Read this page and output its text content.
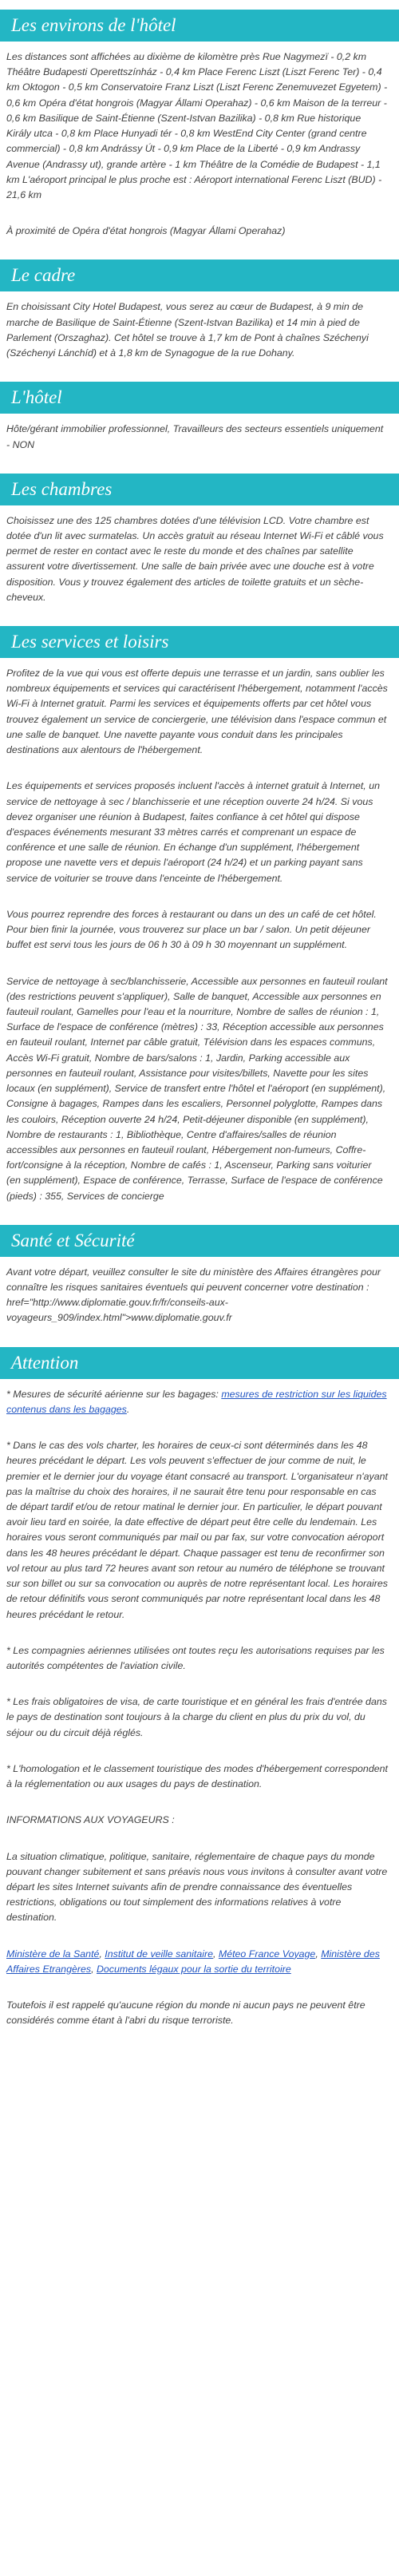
Les environs de l'hôtel

Les distances sont affichées au dixième de kilomètre près Rue Nagymezï - 0,2 km Théâtre Budapesti Operettszínház - 0,4 km Place Ferenc Liszt (Liszt Ferenc Ter) - 0,4 km Oktogon - 0,5 km Conservatoire Franz Liszt (Liszt Ferenc Zenemuvezet Egyetem) - 0,6 km Opéra d'état hongrois (Magyar Állami Operahaz) - 0,6 km Maison de la terreur - 0,6 km Basilique de Saint-Étienne (Szent-Istvan Bazilika) - 0,8 km Rue historique Király utca - 0,8 km Place Hunyadi tér - 0,8 km WestEnd City Center (grand centre commercial) - 0,8 km Andrássy Út - 0,9 km Place de la Liberté - 0,9 km Andrassy Avenue (Andrassy ut), grande artère - 1 km Théâtre de la Comédie de Budapest - 1,1 km L'aéroport principal le plus proche est : Aéroport international Ferenc Liszt (BUD) - 21,6 km

À proximité de Opéra d'état hongrois (Magyar Állami Operahaz)

Le cadre

En choisissant City Hotel Budapest, vous serez au cœur de Budapest, à 9 min de marche de Basilique de Saint-Étienne (Szent-Istvan Bazilika) et 14 min à pied de Parlement (Orszaghaz). Cet hôtel se trouve à 1,7 km de Pont à chaînes Széchenyi (Széchenyi Lánchíd) et à 1,8 km de Synagogue de la rue Dohany.

L'hôtel

Hôte/gérant immobilier professionnel, Travailleurs des secteurs essentiels uniquement - NON

Les chambres

Choisissez une des 125 chambres dotées d'une télévision LCD. Votre chambre est dotée d'un lit avec surmatelas. Un accès gratuit au réseau Internet Wi-Fi et câblé vous permet de rester en contact avec le reste du monde et des chaînes par satellite assurent votre divertissement. Une salle de bain privée avec une douche est à votre disposition. Vous y trouvez également des articles de toilette gratuits et un sèche-cheveux.

Les services et loisirs

Profitez de la vue qui vous est offerte depuis une terrasse et un jardin, sans oublier les nombreux équipements et services qui caractérisent l'hébergement, notamment l'accès Wi-Fi à Internet gratuit. Parmi les services et équipements offerts par cet hôtel vous trouvez également un service de conciergerie, une télévision dans l'espace commun et une salle de banquet. Une navette payante vous conduit dans les principales destinations aux alentours de l'hébergement.

Les équipements et services proposés incluent l'accès à internet gratuit à Internet, un service de nettoyage à sec / blanchisserie et une réception ouverte 24 h/24. Si vous devez organiser une réunion à Budapest, faites confiance à cet hôtel qui dispose d'espaces événements mesurant 33 mètres carrés et comprenant un espace de conférence et une salle de réunion. En échange d'un supplément, l'hébergement propose une navette vers et depuis l'aéroport (24 h/24) et un parking payant sans service de voiturier se trouve dans l'enceinte de l'hébergement.

Vous pourrez reprendre des forces à restaurant ou dans un des un café de cet hôtel. Pour bien finir la journée, vous trouverez sur place un bar / salon. Un petit déjeuner buffet est servi tous les jours de 06 h 30 à 09 h 30 moyennant un supplément.

Service de nettoyage à sec/blanchisserie, Accessible aux personnes en fauteuil roulant (des restrictions peuvent s'appliquer), Salle de banquet, Accessible aux personnes en fauteuil roulant, Gamelles pour l'eau et la nourriture, Nombre de salles de réunion : 1, Surface de l'espace de conférence (mètres) : 33, Réception accessible aux personnes en fauteuil roulant, Internet par câble gratuit, Télévision dans les espaces communs, Accès Wi-Fi gratuit, Nombre de bars/salons : 1, Jardin, Parking accessible aux personnes en fauteuil roulant, Assistance pour visites/billets, Navette pour les sites locaux (en supplément), Service de transfert entre l'hôtel et l'aéroport (en supplément), Consigne à bagages, Rampes dans les escaliers, Personnel polyglotte, Rampes dans les couloirs, Réception ouverte 24 h/24, Petit-déjeuner disponible (en supplément), Nombre de restaurants : 1, Bibliothèque, Centre d'affaires/salles de réunion accessibles aux personnes en fauteuil roulant, Hébergement non-fumeurs, Coffre-fort/consigne à la réception, Nombre de cafés : 1, Ascenseur, Parking sans voiturier (en supplément), Espace de conférence, Terrasse, Surface de l'espace de conférence (pieds) : 355, Services de concierge

Santé et Sécurité

Avant votre départ, veuillez consulter le site du ministère des Affaires étrangères pour connaître les risques sanitaires éventuels qui peuvent concerner votre destination : href="http://www.diplomatie.gouv.fr/fr/conseils-aux-voyageurs_909/index.html">www.diplomatie.gouv.fr

Attention

* Mesures de sécurité aérienne sur les bagages: mesures de restriction sur les liquides contenus dans les bagages.

* Dans le cas des vols charter, les horaires de ceux-ci sont déterminés dans les 48 heures précédant le départ. Les vols peuvent s'effectuer de jour comme de nuit, le premier et le dernier jour du voyage étant consacré au transport. L'organisateur n'ayant pas la maîtrise du choix des horaires, il ne saurait être tenu pour responsable en cas de départ tardif et/ou de retour matinal le dernier jour. En particulier, le départ pouvant avoir lieu tard en soirée, la date effective de départ peut être celle du lendemain. Les horaires vous seront communiqués par mail ou par fax, sur votre convocation aéroport dans les 48 heures précédant le départ. Chaque passager est tenu de reconfirmer son vol retour au plus tard 72 heures avant son retour au numéro de téléphone se trouvant sur son billet ou sur sa convocation ou auprès de notre représentant local. Les horaires de retour définitifs vous seront communiqués par notre représentant local dans les 48 heures précédant le retour.

* Les compagnies aériennes utilisées ont toutes reçu les autorisations requises par les autorités compétentes de l'aviation civile.

* Les frais obligatoires de visa, de carte touristique et en général les frais d'entrée dans le pays de destination sont toujours à la charge du client en plus du prix du vol, du séjour ou du circuit déjà réglés.

* L'homologation et le classement touristique des modes d'hébergement correspondent à la réglementation ou aux usages du pays de destination.

INFORMATIONS AUX VOYAGEURS :

La situation climatique, politique, sanitaire, réglementaire de chaque pays du monde pouvant changer subitement et sans préavis nous vous invitons à consulter avant votre départ les sites Internet suivants afin de prendre connaissance des éventuelles restrictions, obligations ou tout simplement des informations relatives à votre destination.

Ministère de la Santé, Institut de veille sanitaire, Méteo France Voyage, Ministère des Affaires Etrangères, Documents légaux pour la sortie du territoire

Toutefois il est rappelé qu'aucune région du monde ni aucun pays ne peuvent être considérés comme étant à l'abri du risque terroriste.
